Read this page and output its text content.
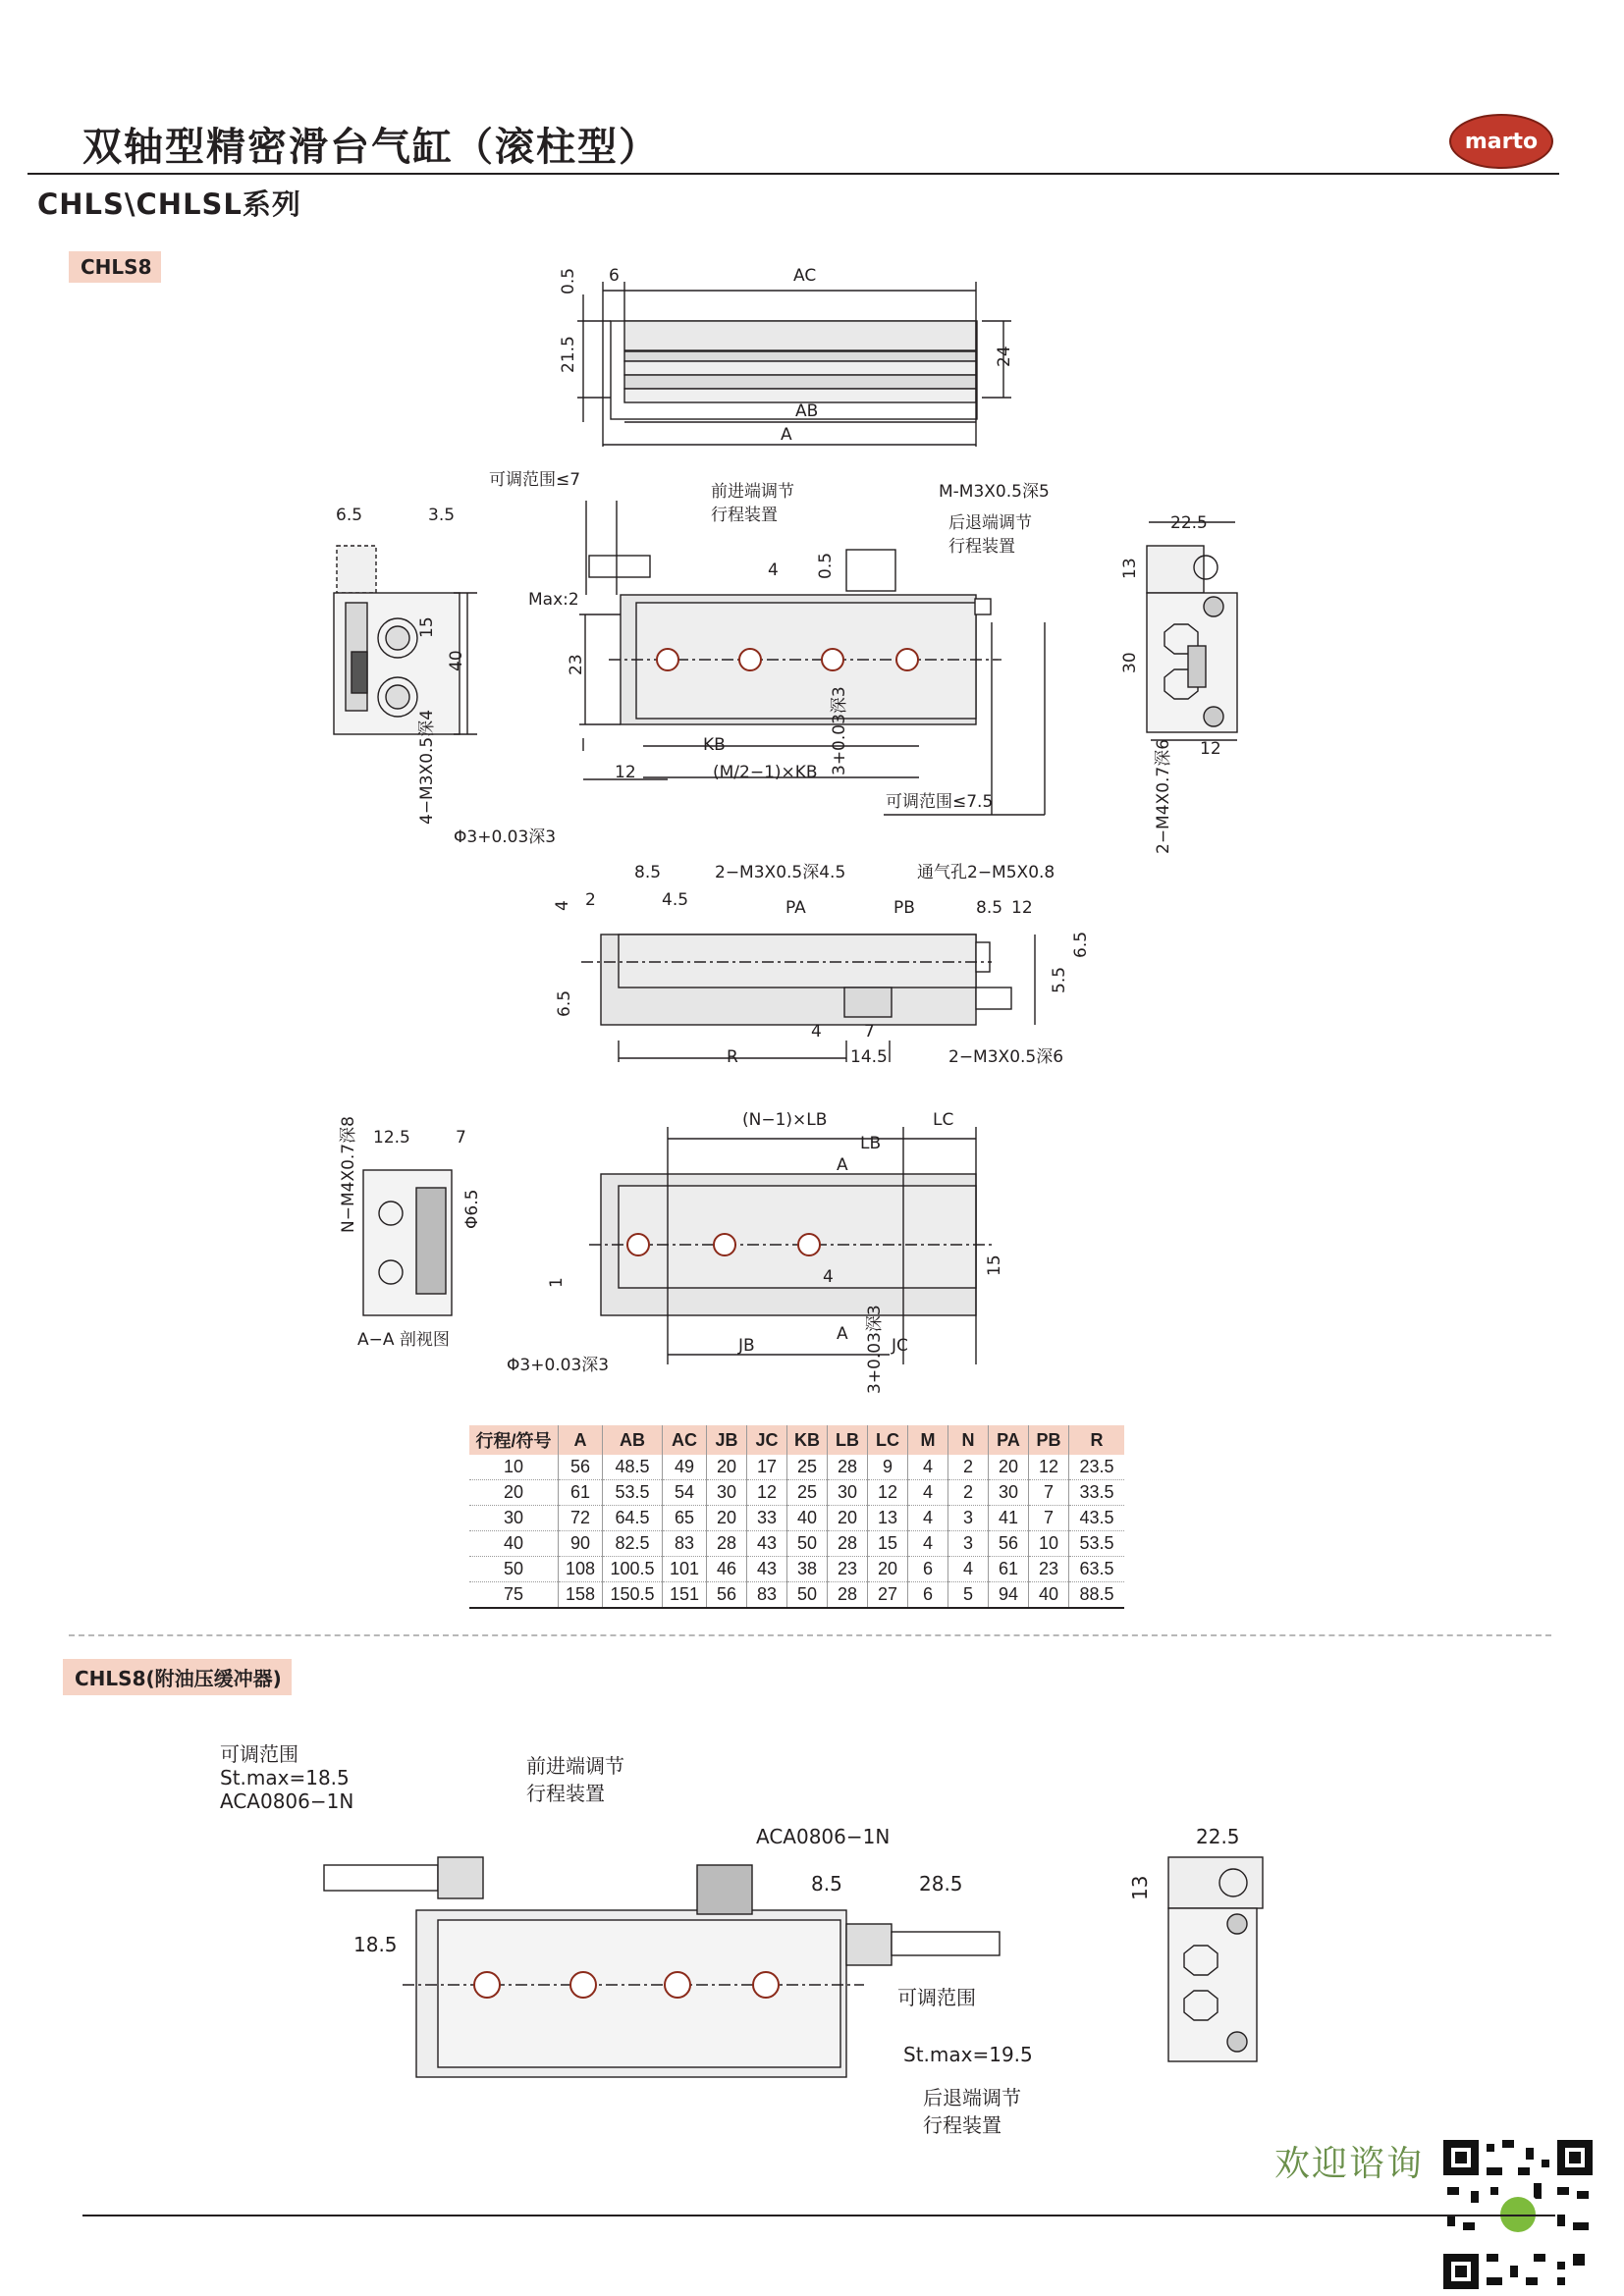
双轴型精密滑台气缸（滚柱型）
CHLS\CHLSL系列
marto
CHLS8
0.5 6	AC
21.5	24
AB
A
可调范围≤7
前进端调节
行程装置
M-M3X0.5深5
后退端调节
行程装置
4 0.5
Max:2
23
KB
12	(M/2−1)×KB 3+0.03深3
可调范围≤7.5
6.5	3.5
15
40
4−M3X0.5深4
Φ3+0.03深3
22.5
13
30
12
2−M4X0.7深6
8.5
2	4.5
2−M3X0.5深4.5	通气孔2−M5X0.8
PA	PB	8.5 12
4
6.5
5.5
6.5
4	7
R	14.5	2−M3X0.5深6
12.5	7
N−M4X0.7深8	Φ6.5
A−A 剖视图
(N−1)×LB	LC
LB
A
15
1	4
JB
A 3+0.03深3 JC
Φ3+0.03深3
可调范围
St.max=18.5
ACA0806−1N
前进端调节
行程装置
ACA0806−1N
8.5	28.5
18.5
可调范围
St.max=19.5
后退端调节
行程装置
22.5
13
行程/符号	A	AB	AC	JB	JC	KB	LB	LC	M	N	PA	PB	R
10	56	48.5	49	20	17	25	28	9	4	2	20	12	23.5
20	61	53.5	54	30	12	25	30	12	4	2	30	7	33.5
30	72	64.5	65	20	33	40	20	13	4	3	41	7	43.5
40	90	82.5	83	28	43	50	28	15	4	3	56	10	53.5
50	108	100.5	101	46	43	38	23	20	6	4	61	23	63.5
75	158	150.5	151	56	83	50	28	27	6	5	94	40	88.5
CHLS8(附油压缓冲器)
欢迎谘询
